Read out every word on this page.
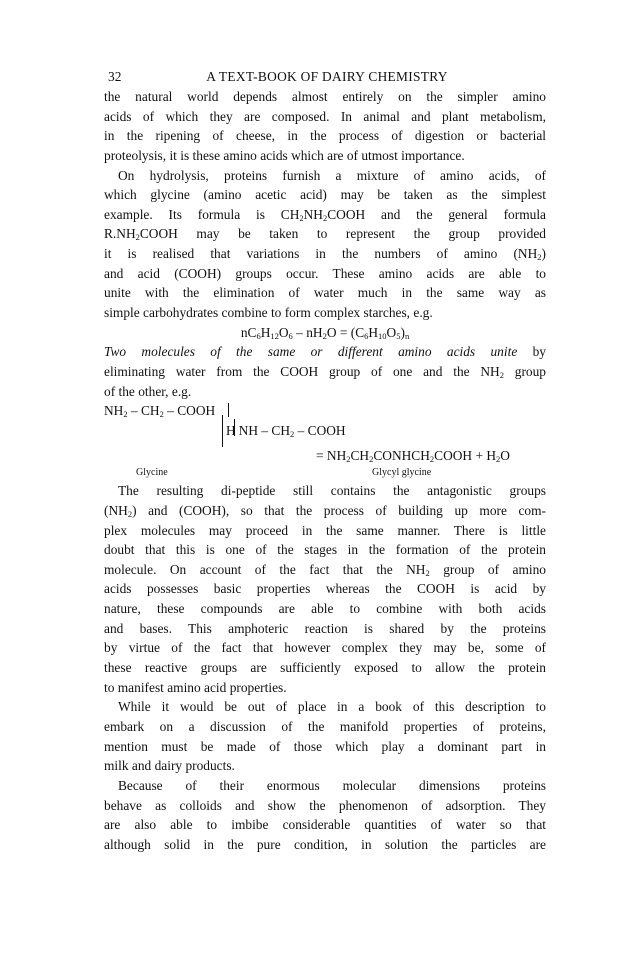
32	A TEXT-BOOK OF DAIRY CHEMISTRY
the natural world depends almost entirely on the simpler amino
acids of which they are composed. In animal and plant metabolism,
in the ripening of cheese, in the process of digestion or bacterial
proteolysis, it is these amino acids which are of utmost importance.
On hydrolysis, proteins furnish a mixture of amino acids, of
which glycine (amino acetic acid) may be taken as the simplest
example. Its formula is $CH_2NH_2COOH$ and the general formula
$R.NH_2COOH$ may be taken to represent the group provided
it is realised that variations in the numbers of amino $(NH_2)$
and acid (COOH) groups occur. These amino acids are able to
unite with the elimination of water much in the same way as
simple carbohydrates combine to form complex starches, e.g.
$nC_6H_{12}O_6 - nH_2O = (C_6H_{10}O_5)_n$
Two molecules of the same or different amino acids unite by
eliminating water from the COOH group of one and the $NH_2$ group
of the other, e.g.
$NH_2 - CH_2$ – COOH
H NH – $CH_2$ – COOH
= $NH_2CH_2CONHCH_2COOH + H_2O$
Glycine	Glycyl glycine
The resulting di-peptide still contains the antagonistic groups
$(NH_2)$ and (COOH), so that the process of building up more com-
plex molecules may proceed in the same manner. There is little
doubt that this is one of the stages in the formation of the protein
molecule. On account of the fact that the $NH_2$ group of amino
acids possesses basic properties whereas the COOH is acid by
nature, these compounds are able to combine with both acids
and bases. This amphoteric reaction is shared by the proteins
by virtue of the fact that however complex they may be, some of
these reactive groups are sufficiently exposed to allow the protein
to manifest amino acid properties.
While it would be out of place in a book of this description to
embark on a discussion of the manifold properties of proteins,
mention must be made of those which play a dominant part in
milk and dairy products.
Because of their enormous molecular dimensions proteins
behave as colloids and show the phenomenon of adsorption. They
are also able to imbibe considerable quantities of water so that
although solid in the pure condition, in solution the particles are
